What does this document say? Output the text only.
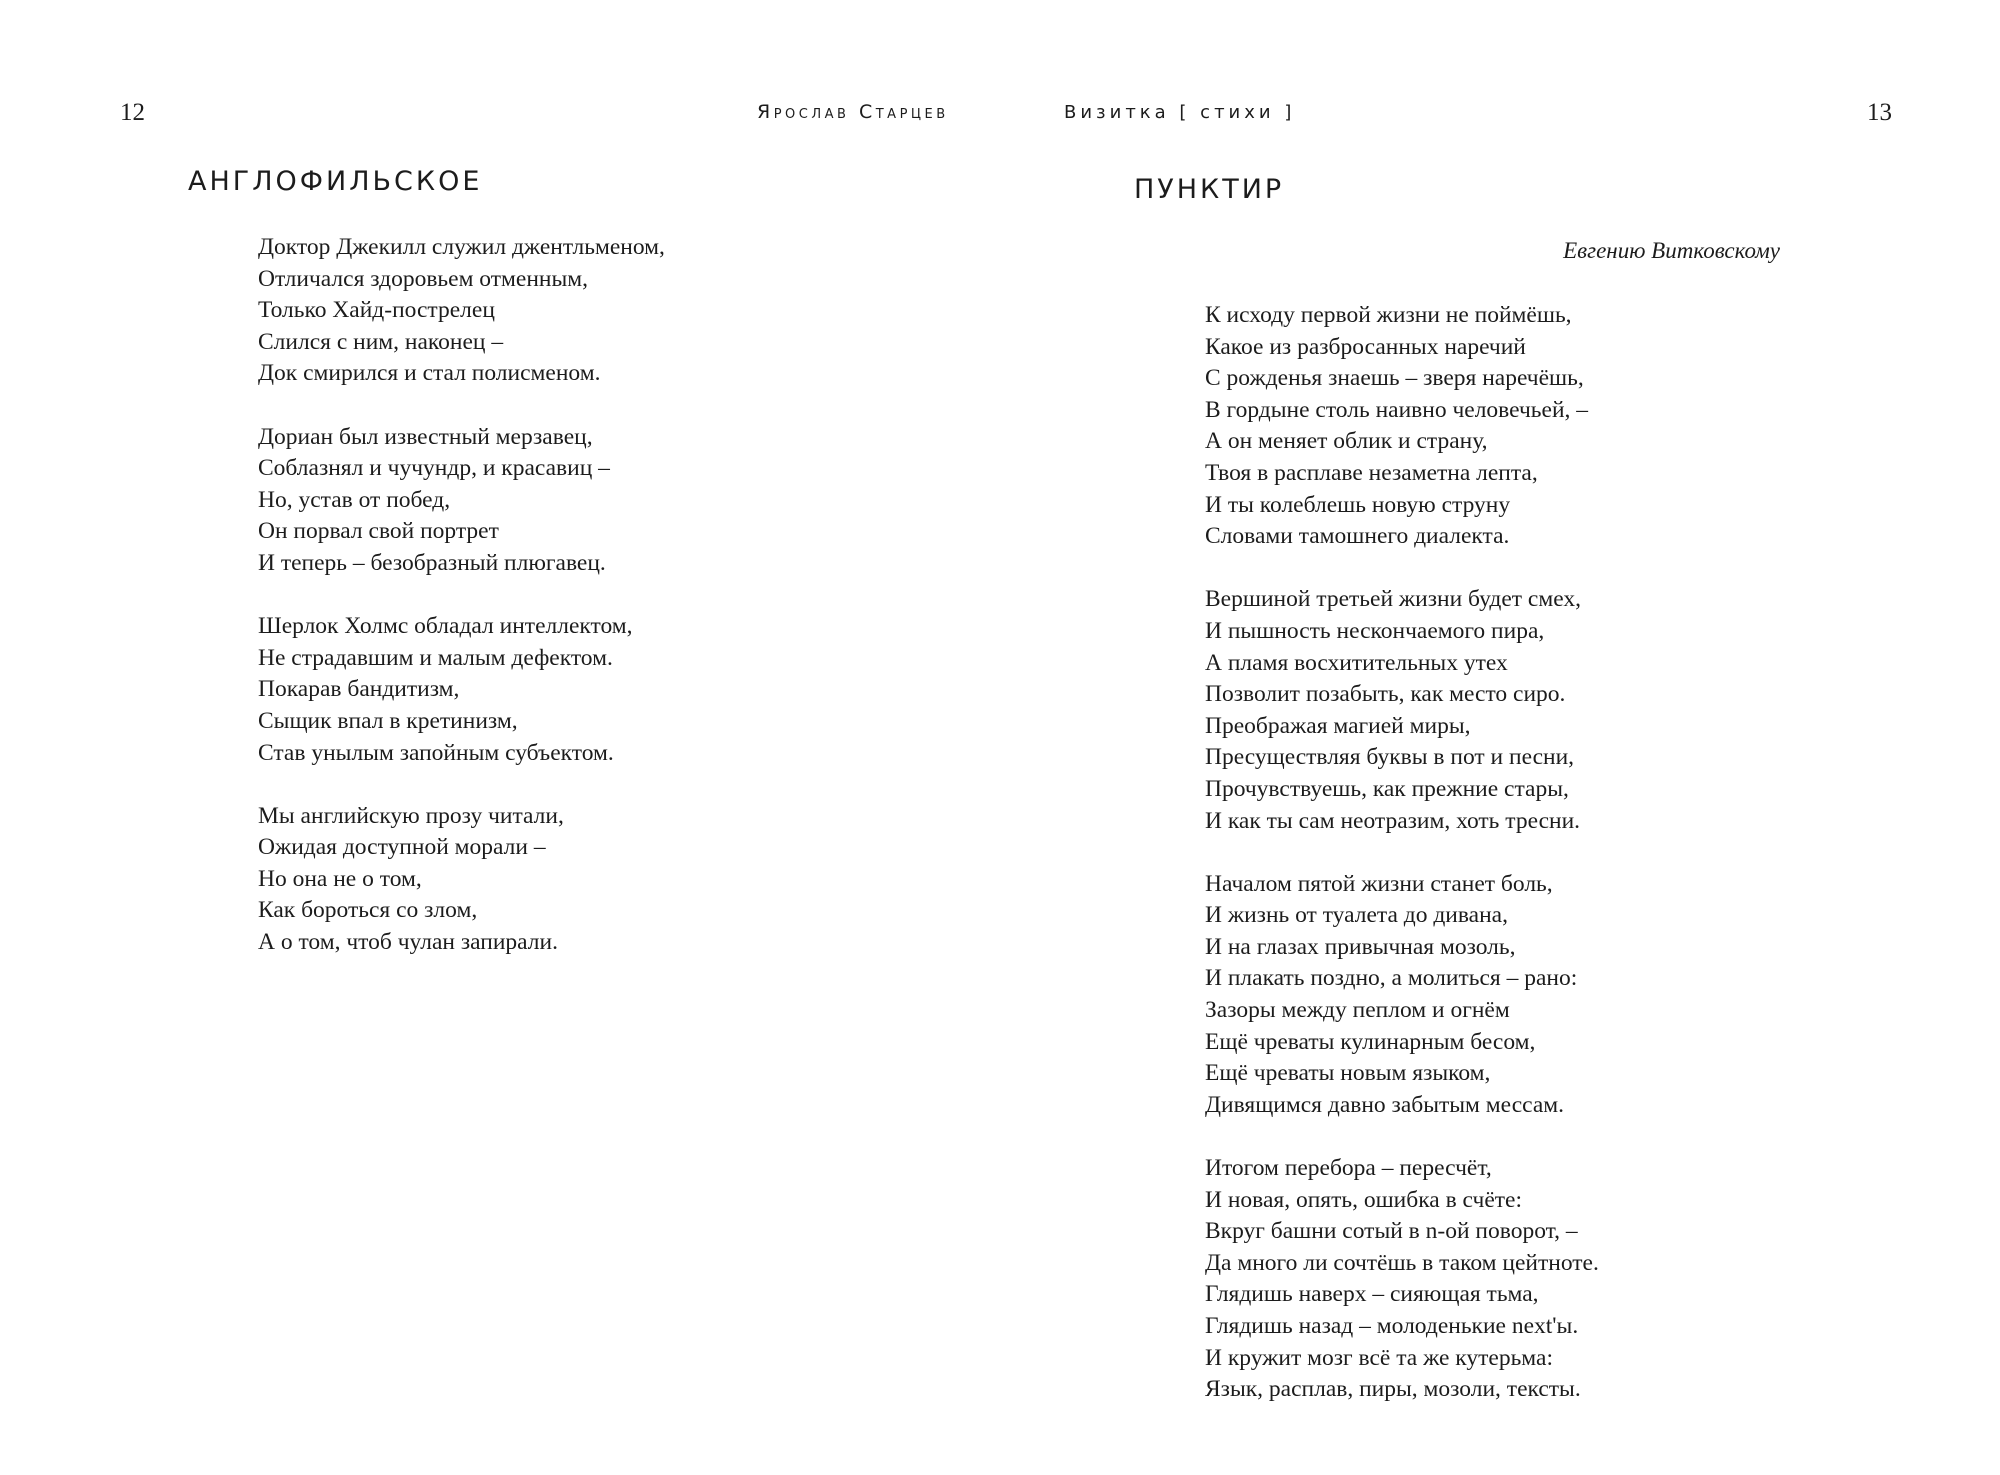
12	Ярослав Старцев
АНГЛОФИЛЬСКОЕ

Доктор Джекилл служил джентльменом,
Отличался здоровьем отменным,
Только Хайд-пострелец
Слился с ним, наконец –
Док смирился и стал полисменом.

Дориан был известный мерзавец,
Соблазнял и чучундр, и красавиц –
Но, устав от побед,
Он порвал свой портрет
И теперь – безобразный плюгавец.

Шерлок Холмс обладал интеллектом,
Не страдавшим и малым дефектом.
Покарав бандитизм,
Сыщик впал в кретинизм,
Став унылым запойным субъектом.

Мы английскую прозу читали,
Ожидая доступной морали –
Но она не о том,
Как бороться со злом,
А о том, чтоб чулан запирали.

13
Визитка [ стихи ]
ПУНКТИР
Евгению Витковскому

К исходу первой жизни не поймёшь,
Какое из разбросанных наречий
С рожденья знаешь – зверя наречёшь,
В гордыне столь наивно человечьей, –
А он меняет облик и страну,
Твоя в расплаве незаметна лепта,
И ты колеблешь новую струну
Словами тамошнего диалекта.

Вершиной третьей жизни будет смех,
И пышность нескончаемого пира,
А пламя восхитительных утех
Позволит позабыть, как место сиро.
Преображая магией миры,
Пресуществляя буквы в пот и песни,
Прочувствуешь, как прежние стары,
И как ты сам неотразим, хоть тресни.

Началом пятой жизни станет боль,
И жизнь от туалета до дивана,
И на глазах привычная мозоль,
И плакать поздно, а молиться – рано:
Зазоры между пеплом и огнём
Ещё чреваты кулинарным бесом,
Ещё чреваты новым языком,
Дивящимся давно забытым мессам.

Итогом перебора – пересчёт,
И новая, опять, ошибка в счёте:
Вкруг башни сотый в n-ой поворот, –
Да много ли сочтёшь в таком цейтноте.
Глядишь наверх – сияющая тьма,
Глядишь назад – молоденькие next'ы.
И кружит мозг всё та же кутерьма:
Язык, расплав, пиры, мозоли, тексты.
